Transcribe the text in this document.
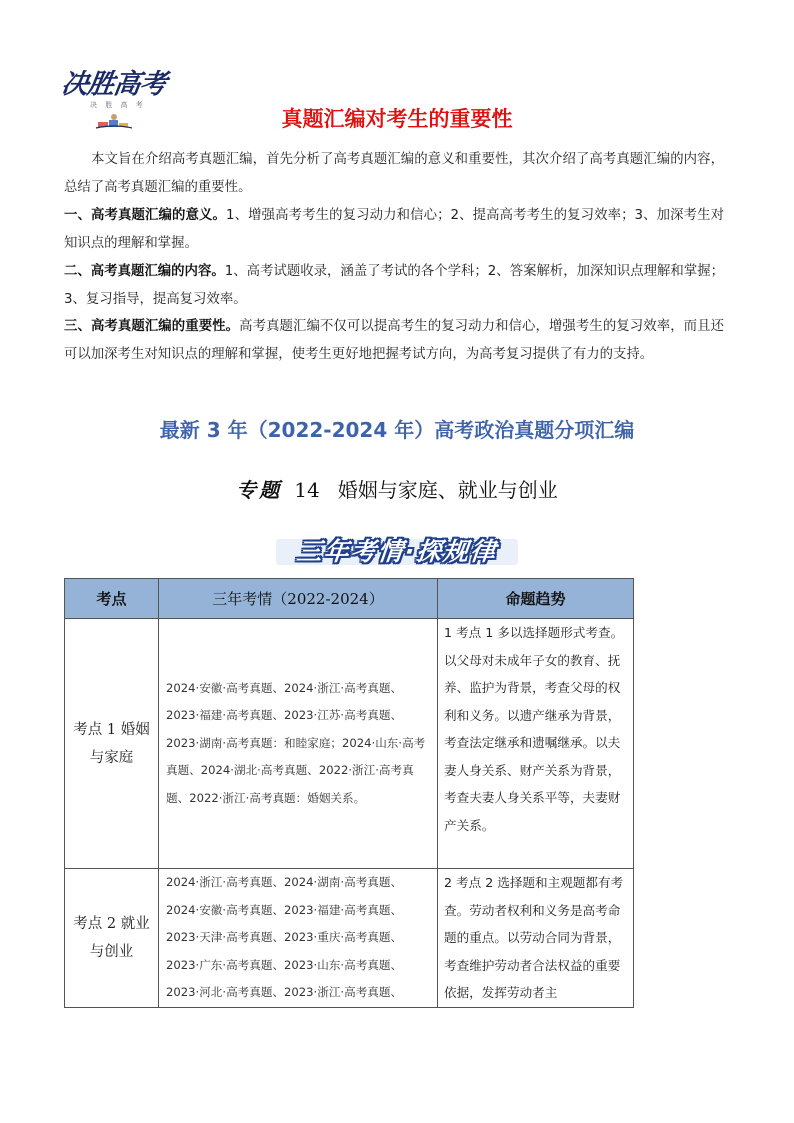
决胜高考
决 胜 高 考
真题汇编对考生的重要性
本文旨在介绍高考真题汇编，首先分析了高考真题汇编的意义和重要性，其次介绍了高考真题汇编的内容，总结了高考真题汇编的重要性。
一、高考真题汇编的意义。1、增强高考考生的复习动力和信心；2、提高高考考生的复习效率；3、加深考生对知识点的理解和掌握。
二、高考真题汇编的内容。1、高考试题收录，涵盖了考试的各个学科；2、答案解析，加深知识点理解和掌握；3、复习指导，提高复习效率。
三、高考真题汇编的重要性。高考真题汇编不仅可以提高考生的复习动力和信心，增强考生的复习效率，而且还可以加深考生对知识点的理解和掌握，使考生更好地把握考试方向，为高考复习提供了有力的支持。
最新 3 年（2022-2024 年）高考政治真题分项汇编
专题 14 婚姻与家庭、就业与创业
三年考情·探规律
考点	三年考情（2022-2024）	命题趋势
考点 1 婚姻与家庭	2024·安徽·高考真题、2024·浙江·高考真题、2023·福建·高考真题、2023·江苏·高考真题、2023·湖南·高考真题：和睦家庭；2024·山东·高考真题、2024·湖北·高考真题、2022·浙江·高考真题、2022·浙江·高考真题：婚姻关系。	1 考点 1 多以选择题形式考查。以父母对未成年子女的教育、抚养、监护为背景，考查父母的权利和义务。以遗产继承为背景，考查法定继承和遗嘱继承。以夫妻人身关系、财产关系为背景，考查夫妻人身关系平等，夫妻财产关系。
考点 2 就业与创业	2024·浙江·高考真题、2024·湖南·高考真题、2024·安徽·高考真题、2023·福建·高考真题、2023·天津·高考真题、2023·重庆·高考真题、2023·广东·高考真题、2023·山东·高考真题、2023·河北·高考真题、2023·浙江·高考真题、	2 考点 2 选择题和主观题都有考查。劳动者权利和义务是高考命题的重点。以劳动合同为背景，考查维护劳动者合法权益的重要依据，发挥劳动者主
